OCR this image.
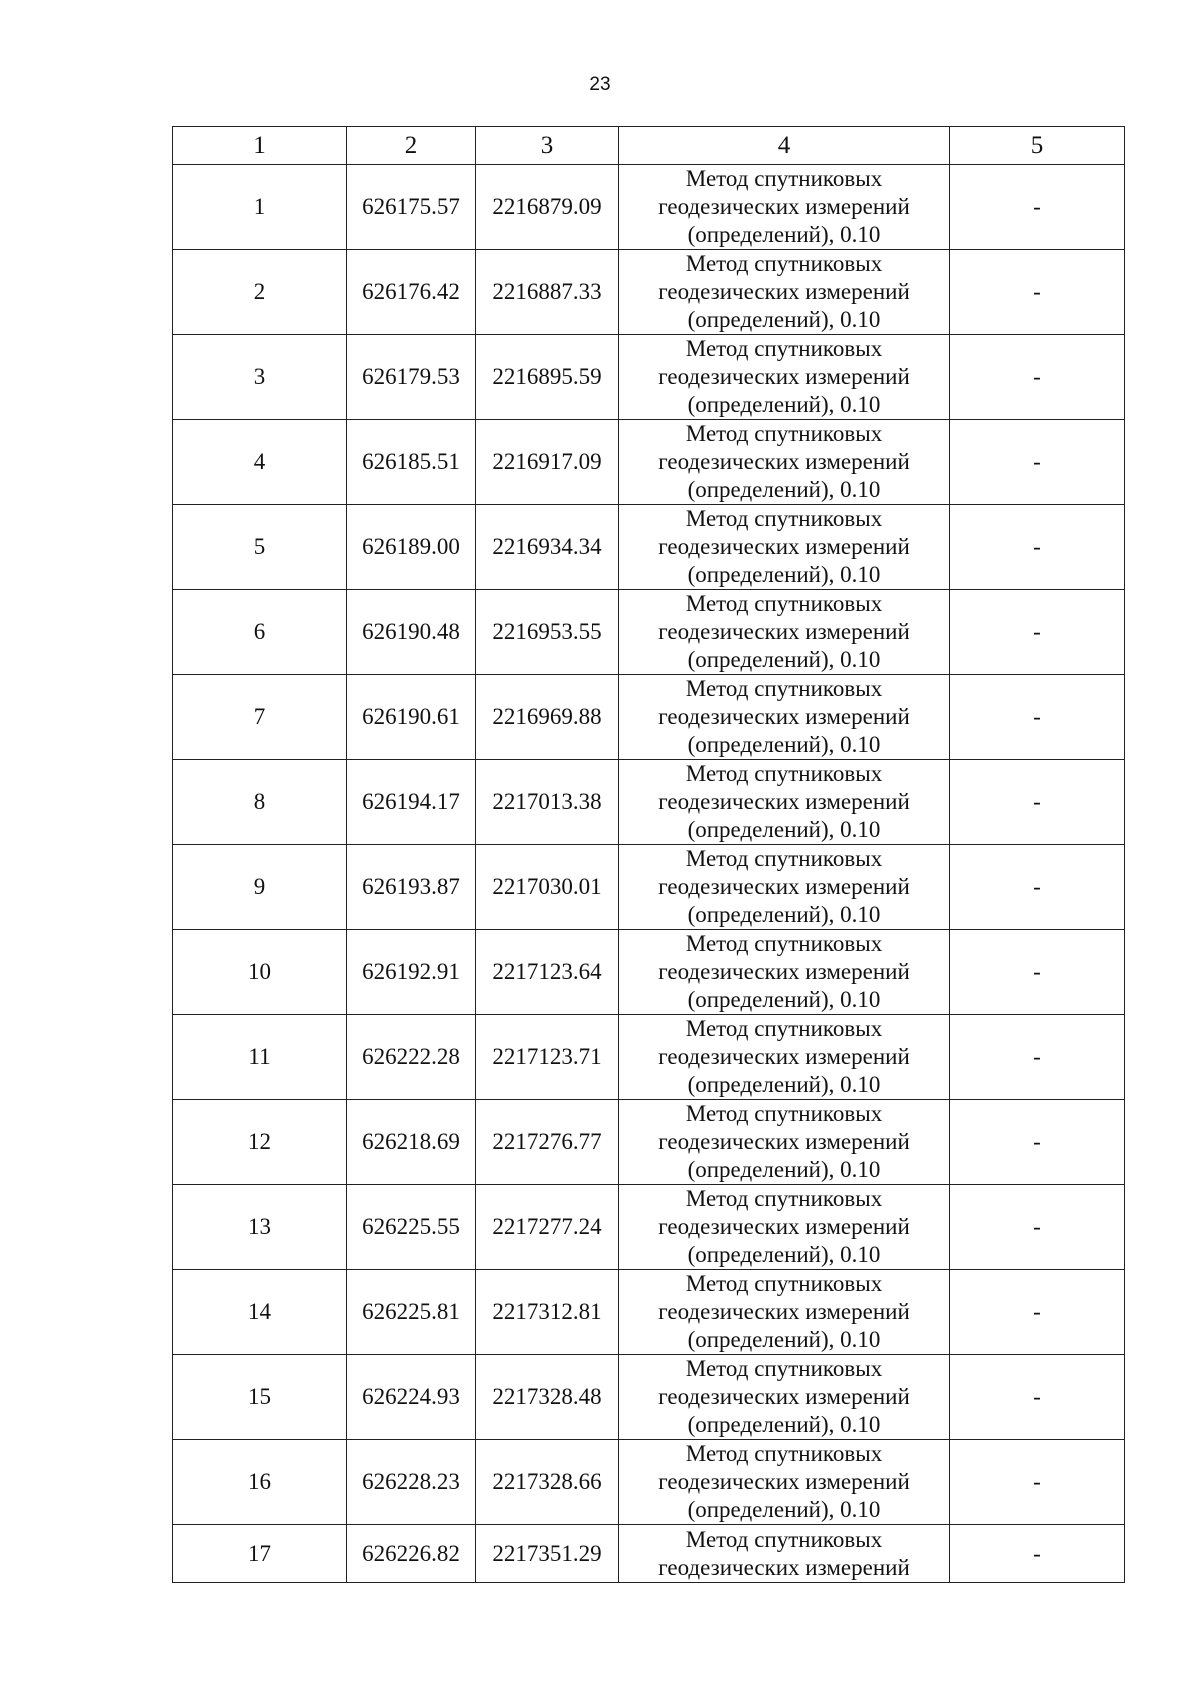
23
1	2	3	4	5
1	626175.57	2216879.09	Метод спутниковых
геодезических измерений
(определений), 0.10	-
2	626176.42	2216887.33	Метод спутниковых
геодезических измерений
(определений), 0.10	-
3	626179.53	2216895.59	Метод спутниковых
геодезических измерений
(определений), 0.10	-
4	626185.51	2216917.09	Метод спутниковых
геодезических измерений
(определений), 0.10	-
5	626189.00	2216934.34	Метод спутниковых
геодезических измерений
(определений), 0.10	-
6	626190.48	2216953.55	Метод спутниковых
геодезических измерений
(определений), 0.10	-
7	626190.61	2216969.88	Метод спутниковых
геодезических измерений
(определений), 0.10	-
8	626194.17	2217013.38	Метод спутниковых
геодезических измерений
(определений), 0.10	-
9	626193.87	2217030.01	Метод спутниковых
геодезических измерений
(определений), 0.10	-
10	626192.91	2217123.64	Метод спутниковых
геодезических измерений
(определений), 0.10	-
11	626222.28	2217123.71	Метод спутниковых
геодезических измерений
(определений), 0.10	-
12	626218.69	2217276.77	Метод спутниковых
геодезических измерений
(определений), 0.10	-
13	626225.55	2217277.24	Метод спутниковых
геодезических измерений
(определений), 0.10	-
14	626225.81	2217312.81	Метод спутниковых
геодезических измерений
(определений), 0.10	-
15	626224.93	2217328.48	Метод спутниковых
геодезических измерений
(определений), 0.10	-
16	626228.23	2217328.66	Метод спутниковых
геодезических измерений
(определений), 0.10	-
17	626226.82	2217351.29	Метод спутниковых
геодезических измерений	-
